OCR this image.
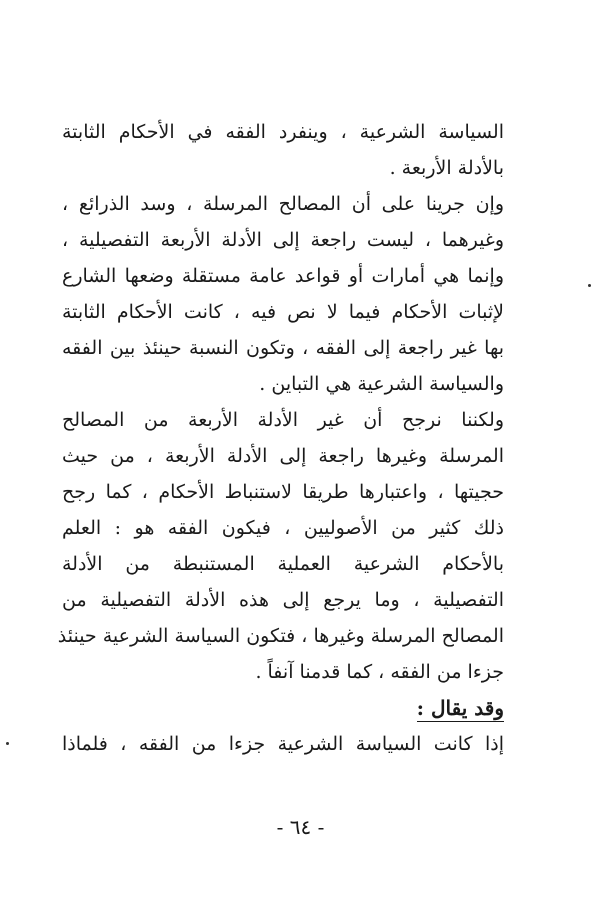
السياسة الشرعية ، وينفرد الفقه في الأحكام الثابتة
بالأدلة الأربعة .
وإن جرينا على أن المصالح المرسلة ، وسد الذرائع ،
وغيرهما ، ليست راجعة إلى الأدلة الأربعة التفصيلية ،
وإنما هي أمارات أو قواعد عامة مستقلة وضعها الشارع
لإثبات الأحكام فيما لا نص فيه ، كانت الأحكام الثابتة
بها غير راجعة إلى الفقه ، وتكون النسبة حينئذ بين الفقه
والسياسة الشرعية هي التباين .
ولكننا نرجح أن غير الأدلة الأربعة من المصالح
المرسلة وغيرها راجعة إلى الأدلة الأربعة ، من حيث
حجيتها ، واعتبارها طريقا لاستنباط الأحكام ، كما رجح
ذلك كثير من الأصوليين ، فيكون الفقه هو : العلم
بالأحكام الشرعية العملية المستنبطة من الأدلة
التفصيلية ، وما يرجع إلى هذه الأدلة التفصيلية من
المصالح المرسلة وغيرها ، فتكون السياسة الشرعية حينئذ
جزءا من الفقه ، كما قدمنا آنفاً .
وقد يقال :
إذا كانت السياسة الشرعية جزءا من الفقه ، فلماذا
- ٦٤ -
